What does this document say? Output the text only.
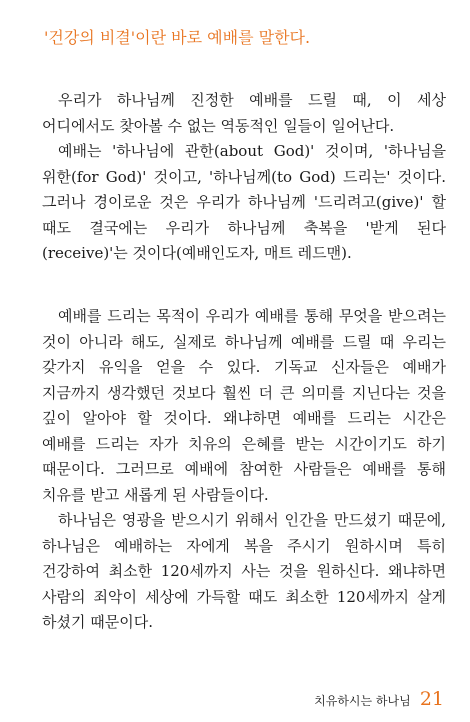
'건강의 비결'이란 바로 예배를 말한다.

우리가 하나님께 진정한 예배를 드릴 때, 이 세상 어디에서도 찾아볼 수 없는 역동적인 일들이 일어난다.

예배는 '하나님에 관한(about God)' 것이며, '하나님을 위한(for God)' 것이고, '하나님께(to God) 드리는' 것이다. 그러나 경이로운 것은 우리가 하나님께 '드리려고(give)' 할 때도 결국에는 우리가 하나님께 축복을 '받게 된다(receive)'는 것이다(예배인도자, 매트 레드맨).

예배를 드리는 목적이 우리가 예배를 통해 무엇을 받으려는 것이 아니라 해도, 실제로 하나님께 예배를 드릴 때 우리는 갖가지 유익을 얻을 수 있다. 기독교 신자들은 예배가 지금까지 생각했던 것보다 훨씬 더 큰 의미를 지닌다는 것을 깊이 알아야 할 것이다. 왜냐하면 예배를 드리는 시간은 예배를 드리는 자가 치유의 은혜를 받는 시간이기도 하기 때문이다. 그러므로 예배에 참여한 사람들은 예배를 통해 치유를 받고 새롭게 된 사람들이다.

하나님은 영광을 받으시기 위해서 인간을 만드셨기 때문에, 하나님은 예배하는 자에게 복을 주시기 원하시며 특히 건강하여 최소한 120세까지 사는 것을 원하신다. 왜냐하면 사람의 죄악이 세상에 가득할 때도 최소한 120세까지 살게 하셨기 때문이다.

치유하시는 하나님 21
